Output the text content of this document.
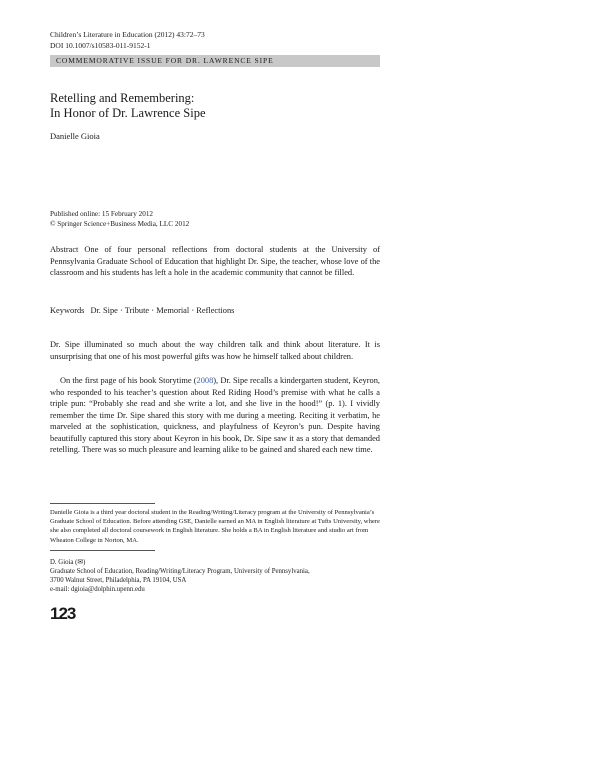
Children’s Literature in Education (2012) 43:72–73
DOI 10.1007/s10583-011-9152-1
COMMEMORATIVE ISSUE FOR DR. LAWRENCE SIPE
Retelling and Remembering:
In Honor of Dr. Lawrence Sipe
Danielle Gioia
Published online: 15 February 2012
© Springer Science+Business Media, LLC 2012

Abstract One of four personal reflections from doctoral students at the University of Pennsylvania Graduate School of Education that highlight Dr. Sipe, the teacher, whose love of the classroom and his students has left a hole in the academic community that cannot be filled.

Keywords Dr. Sipe ⋅ Tribute ⋅ Memorial ⋅ Reflections

Dr. Sipe illuminated so much about the way children talk and think about literature. It is unsurprising that one of his most powerful gifts was how he himself talked about children.

On the first page of his book Storytime (2008), Dr. Sipe recalls a kindergarten student, Keyron, who responded to his teacher’s question about Red Riding Hood’s premise with what he calls a triple pun: “Probably she read and she write a lot, and she live in the hood!” (p. 1). I vividly remember the time Dr. Sipe shared this story with me during a meeting. Reciting it verbatim, he marveled at the sophistication, quickness, and playfulness of Keyron’s pun. Despite having beautifully captured this story about Keyron in his book, Dr. Sipe saw it as a story that demanded retelling. There was so much pleasure and learning alike to be gained and shared each new time.

Danielle Gioia is a third year doctoral student in the Reading/Writing/Literacy program at the University of Pennsylvania’s Graduate School of Education. Before attending GSE, Danielle earned an MA in English literature at Tufts University, where she also completed all doctoral coursework in English literature. She holds a BA in English literature and studio art from Wheaton College in Norton, MA.

D. Gioia (✉)
Graduate School of Education, Reading/Writing/Literacy Program, University of Pennsylvania,
3700 Walnut Street, Philadelphia, PA 19104, USA
e-mail: dgioia@dolphin.upenn.edu
123
